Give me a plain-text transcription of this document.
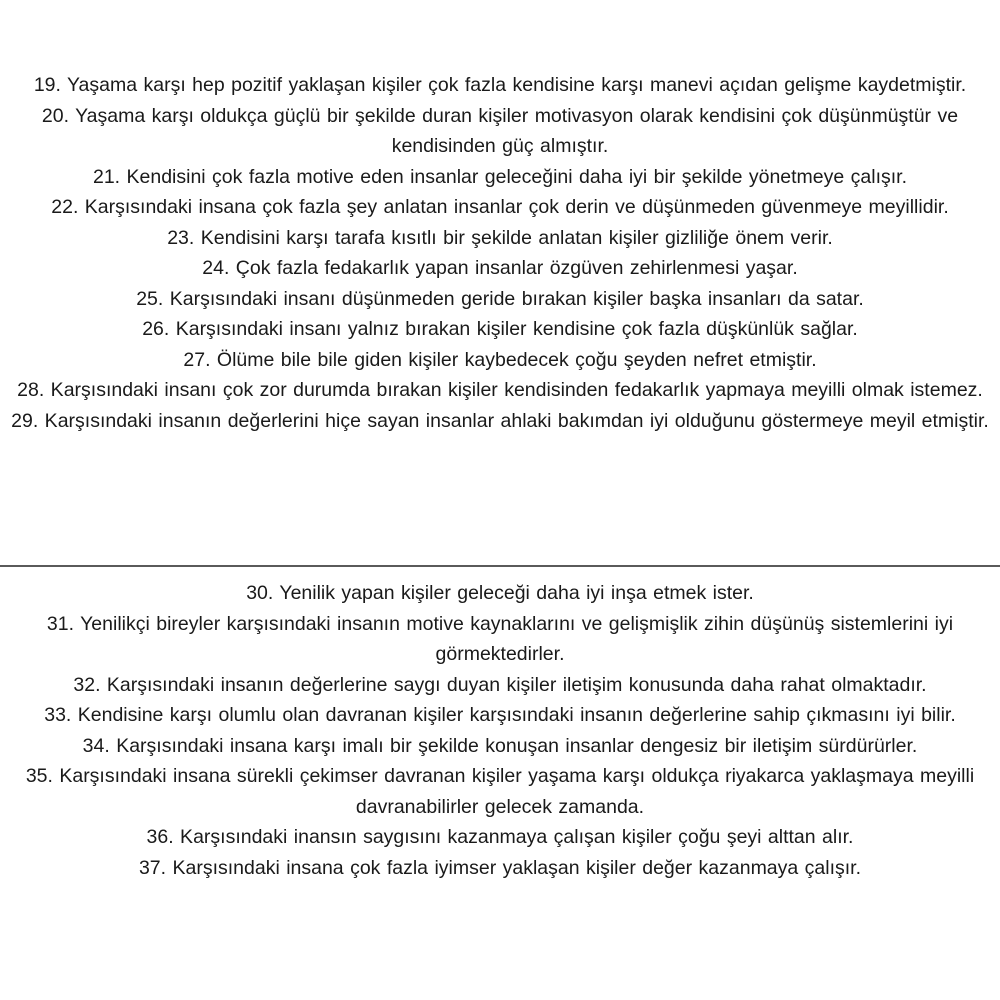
19. Yaşama karşı hep pozitif yaklaşan kişiler çok fazla kendisine karşı manevi açıdan gelişme kaydetmiştir.

20. Yaşama karşı oldukça güçlü bir şekilde duran kişiler motivasyon olarak kendisini çok düşünmüştür ve kendisinden güç almıştır.

21. Kendisini çok fazla motive eden insanlar geleceğini daha iyi bir şekilde yönetmeye çalışır.

22. Karşısındaki insana çok fazla şey anlatan insanlar çok derin ve düşünmeden güvenmeye meyillidir.

23. Kendisini karşı tarafa kısıtlı bir şekilde anlatan kişiler gizliliğe önem verir.

24. Çok fazla fedakarlık yapan insanlar özgüven zehirlenmesi yaşar.

25. Karşısındaki insanı düşünmeden geride bırakan kişiler başka insanları da satar.

26. Karşısındaki insanı yalnız bırakan kişiler kendisine çok fazla düşkünlük sağlar.

27. Ölüme bile bile giden kişiler kaybedecek çoğu şeyden nefret etmiştir.

28. Karşısındaki insanı çok zor durumda bırakan kişiler kendisinden fedakarlık yapmaya meyilli olmak istemez.

29. Karşısındaki insanın değerlerini hiçe sayan insanlar ahlaki bakımdan iyi olduğunu göstermeye meyil etmiştir.

30. Yenilik yapan kişiler geleceği daha iyi inşa etmek ister.

31. Yenilikçi bireyler karşısındaki insanın motive kaynaklarını ve gelişmişlik zihin düşünüş sistemlerini iyi görmektedirler.

32. Karşısındaki insanın değerlerine saygı duyan kişiler iletişim konusunda daha rahat olmaktadır.

33. Kendisine karşı olumlu olan davranan kişiler karşısındaki insanın değerlerine sahip çıkmasını iyi bilir.

34. Karşısındaki insana karşı imalı bir şekilde konuşan insanlar dengesiz bir iletişim sürdürürler.

35. Karşısındaki insana sürekli çekimser davranan kişiler yaşama karşı oldukça riyakarca yaklaşmaya meyilli davranabilirler gelecek zamanda.

36. Karşısındaki inansın saygısını kazanmaya çalışan kişiler çoğu şeyi alttan alır.

37. Karşısındaki insana çok fazla iyimser yaklaşan kişiler değer kazanmaya çalışır.
